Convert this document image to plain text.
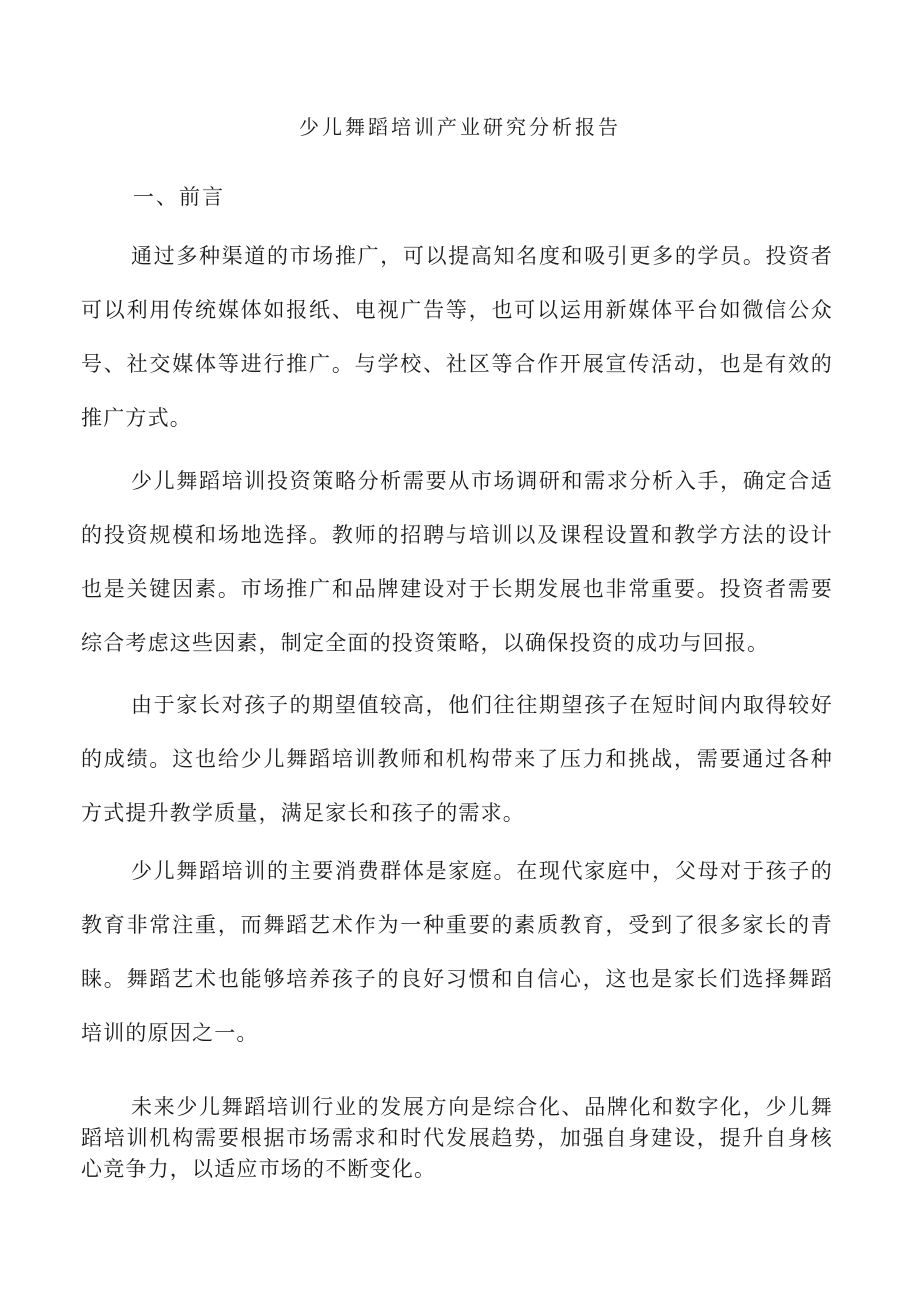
少儿舞蹈培训产业研究分析报告
一、前言

通过多种渠道的市场推广，可以提高知名度和吸引更多的学员。投资者可以利用传统媒体如报纸、电视广告等，也可以运用新媒体平台如微信公众号、社交媒体等进行推广。与学校、社区等合作开展宣传活动，也是有效的推广方式。

少儿舞蹈培训投资策略分析需要从市场调研和需求分析入手，确定合适的投资规模和场地选择。教师的招聘与培训以及课程设置和教学方法的设计也是关键因素。市场推广和品牌建设对于长期发展也非常重要。投资者需要综合考虑这些因素，制定全面的投资策略，以确保投资的成功与回报。

由于家长对孩子的期望值较高，他们往往期望孩子在短时间内取得较好的成绩。这也给少儿舞蹈培训教师和机构带来了压力和挑战，需要通过各种方式提升教学质量，满足家长和孩子的需求。

少儿舞蹈培训的主要消费群体是家庭。在现代家庭中，父母对于孩子的教育非常注重，而舞蹈艺术作为一种重要的素质教育，受到了很多家长的青睐。舞蹈艺术也能够培养孩子的良好习惯和自信心，这也是家长们选择舞蹈培训的原因之一。

未来少儿舞蹈培训行业的发展方向是综合化、品牌化和数字化，少儿舞蹈培训机构需要根据市场需求和时代发展趋势，加强自身建设，提升自身核心竞争力，以适应市场的不断变化。
